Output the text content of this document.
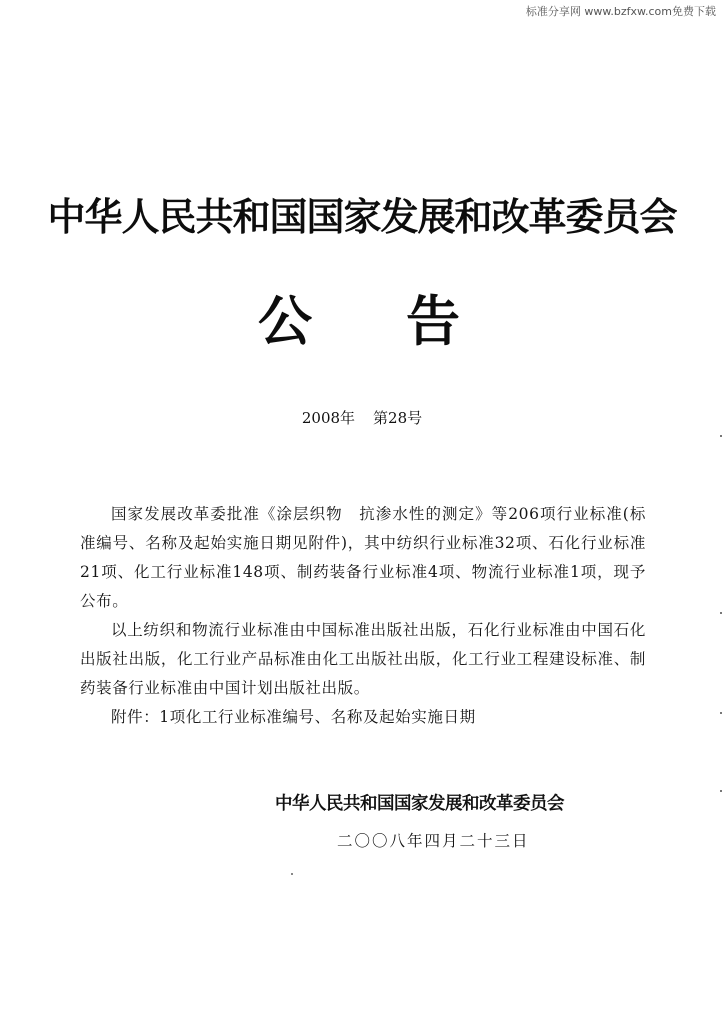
标准分享网 www.bzfxw.com免费下载
中华人民共和国国家发展和改革委员会
公 告
2008年 第28号

国家发展改革委批准《涂层织物　抗渗水性的测定》等206项行业标准(标准编号、名称及起始实施日期见附件)，其中纺织行业标准32项、石化行业标准21项、化工行业标准148项、制药装备行业标准4项、物流行业标准1项，现予公布。

以上纺织和物流行业标准由中国标准出版社出版，石化行业标准由中国石化出版社出版，化工行业产品标准由化工出版社出版，化工行业工程建设标准、制药装备行业标准由中国计划出版社出版。

附件：1项化工行业标准编号、名称及起始实施日期

中华人民共和国国家发展和改革委员会
二〇〇八年四月二十三日
